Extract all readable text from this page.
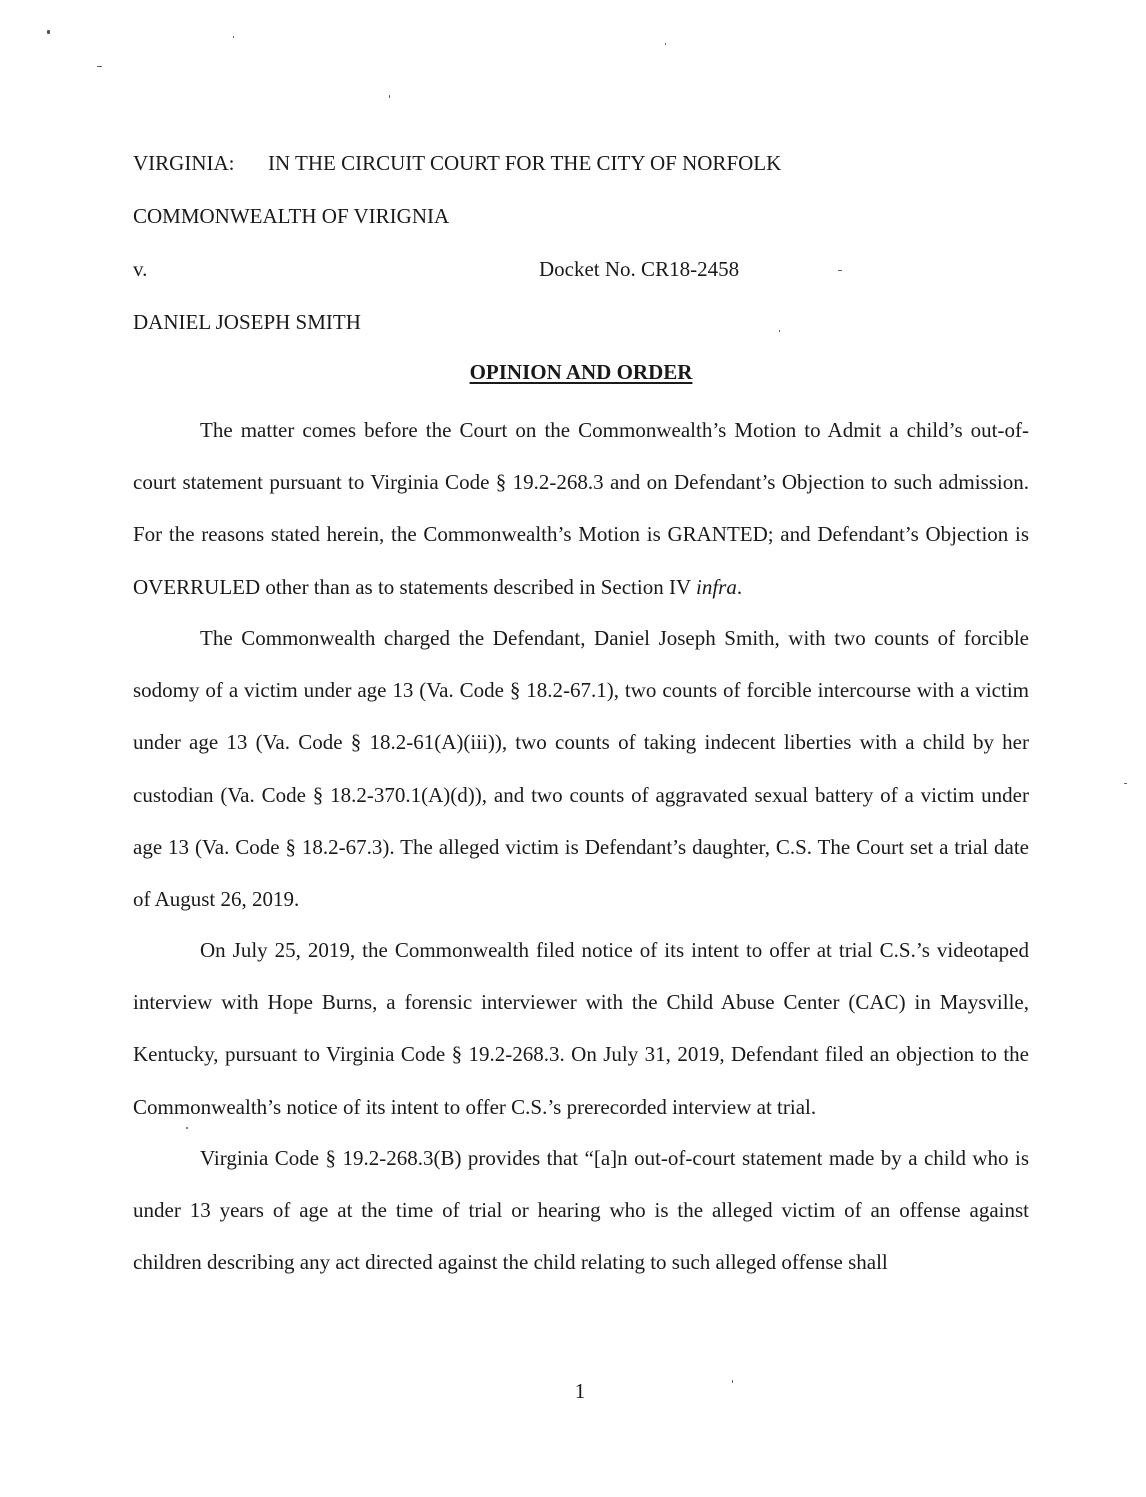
VIRGINIA: IN THE CIRCUIT COURT FOR THE CITY OF NORFOLK
COMMONWEALTH OF VIRIGNIA
v.	Docket No. CR18-2458
DANIEL JOSEPH SMITH
OPINION AND ORDER
The matter comes before the Court on the Commonwealth’s Motion to Admit a child’s out-of-court statement pursuant to Virginia Code § 19.2-268.3 and on Defendant’s Objection to such admission. For the reasons stated herein, the Commonwealth’s Motion is GRANTED; and Defendant’s Objection is OVERRULED other than as to statements described in Section IV infra.
The Commonwealth charged the Defendant, Daniel Joseph Smith, with two counts of forcible sodomy of a victim under age 13 (Va. Code § 18.2-67.1), two counts of forcible intercourse with a victim under age 13 (Va. Code § 18.2-61(A)(iii)), two counts of taking indecent liberties with a child by her custodian (Va. Code § 18.2-370.1(A)(d)), and two counts of aggravated sexual battery of a victim under age 13 (Va. Code § 18.2-67.3). The alleged victim is Defendant’s daughter, C.S. The Court set a trial date of August 26, 2019.
On July 25, 2019, the Commonwealth filed notice of its intent to offer at trial C.S.’s videotaped interview with Hope Burns, a forensic interviewer with the Child Abuse Center (CAC) in Maysville, Kentucky, pursuant to Virginia Code § 19.2-268.3. On July 31, 2019, Defendant filed an objection to the Commonwealth’s notice of its intent to offer C.S.’s prerecorded interview at trial.
Virginia Code § 19.2-268.3(B) provides that “[a]n out-of-court statement made by a child who is under 13 years of age at the time of trial or hearing who is the alleged victim of an offense against children describing any act directed against the child relating to such alleged offense shall
1
